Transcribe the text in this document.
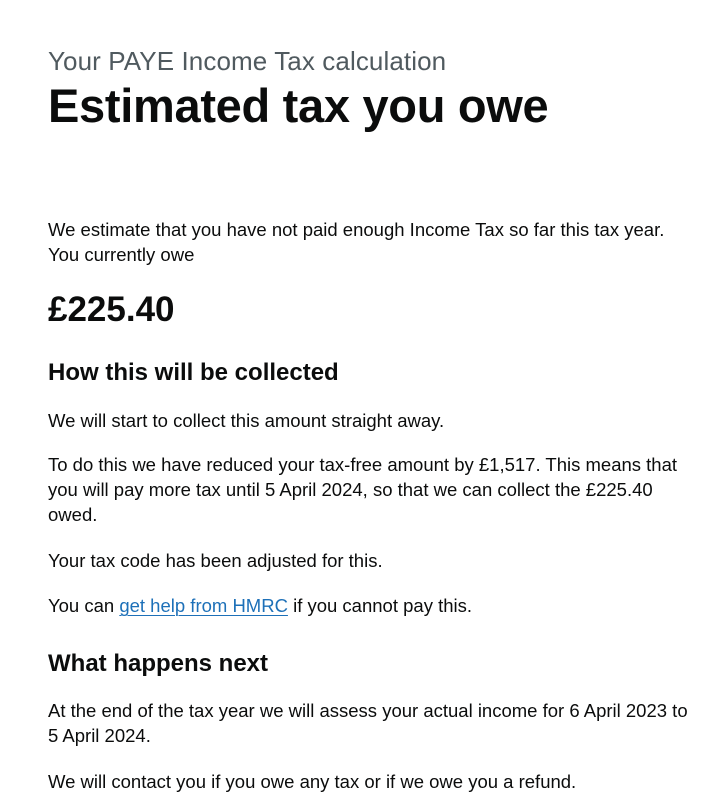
Your PAYE Income Tax calculation

Estimated tax you owe

We estimate that you have not paid enough Income Tax so far this tax year.

You currently owe

£225.40

How this will be collected

We will start to collect this amount straight away.

To do this we have reduced your tax-free amount by £1,517. This means that you will pay more tax until 5 April 2024, so that we can collect the £225.40 owed.

Your tax code has been adjusted for this.

You can get help from HMRC if you cannot pay this.

What happens next

At the end of the tax year we will assess your actual income for 6 April 2023 to 5 April 2024.

We will contact you if you owe any tax or if we owe you a refund.
